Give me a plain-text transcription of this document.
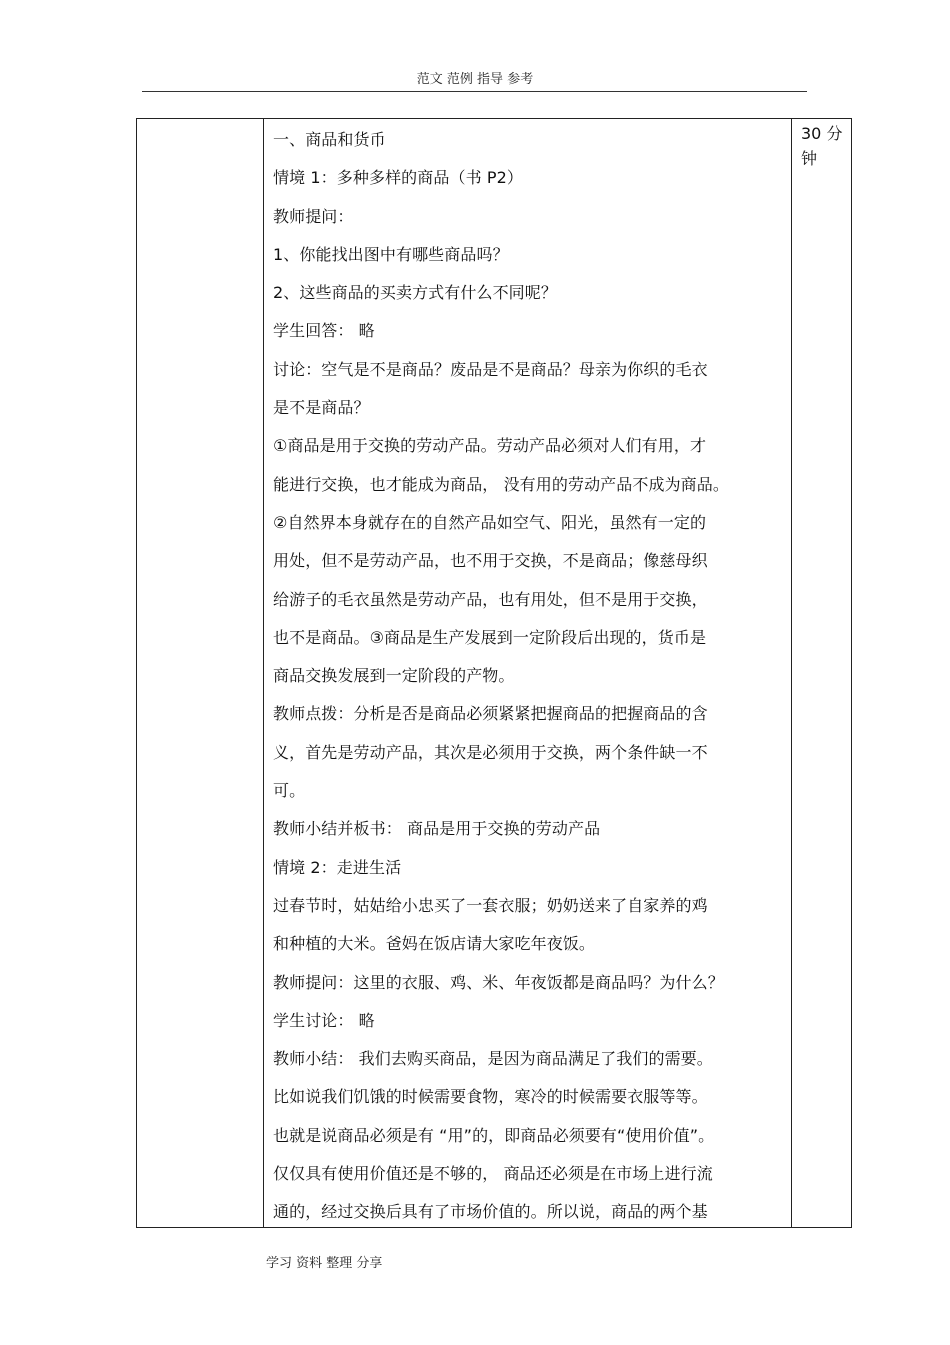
范文 范例 指导 参考
一、商品和货币
情境 1：多种多样的商品（书 P2）
教师提问：
1、你能找出图中有哪些商品吗？
2、这些商品的买卖方式有什么不同呢？
学生回答： 略
讨论：空气是不是商品？废品是不是商品？母亲为你织的毛衣
是不是商品？
①商品是用于交换的劳动产品。劳动产品必须对人们有用，才
能进行交换，也才能成为商品， 没有用的劳动产品不成为商品。
②自然界本身就存在的自然产品如空气、阳光，虽然有一定的
用处，但不是劳动产品，也不用于交换，不是商品；像慈母织
给游子的毛衣虽然是劳动产品，也有用处，但不是用于交换，
也不是商品。③商品是生产发展到一定阶段后出现的，货币是
商品交换发展到一定阶段的产物。
教师点拨：分析是否是商品必须紧紧把握商品的把握商品的含
义，首先是劳动产品，其次是必须用于交换，两个条件缺一不
可。
教师小结并板书： 商品是用于交换的劳动产品
情境 2：走进生活
过春节时，姑姑给小忠买了一套衣服；奶奶送来了自家养的鸡
和种植的大米。爸妈在饭店请大家吃年夜饭。
教师提问：这里的衣服、鸡、米、年夜饭都是商品吗？为什么？
学生讨论： 略
教师小结： 我们去购买商品，是因为商品满足了我们的需要。
比如说我们饥饿的时候需要食物，寒冷的时候需要衣服等等。
也就是说商品必须是有 “用”的，即商品必须要有“使用价值”。
仅仅具有使用价值还是不够的， 商品还必须是在市场上进行流
通的，经过交换后具有了市场价值的。所以说，商品的两个基
30 分钟
学习 资料 整理 分享
